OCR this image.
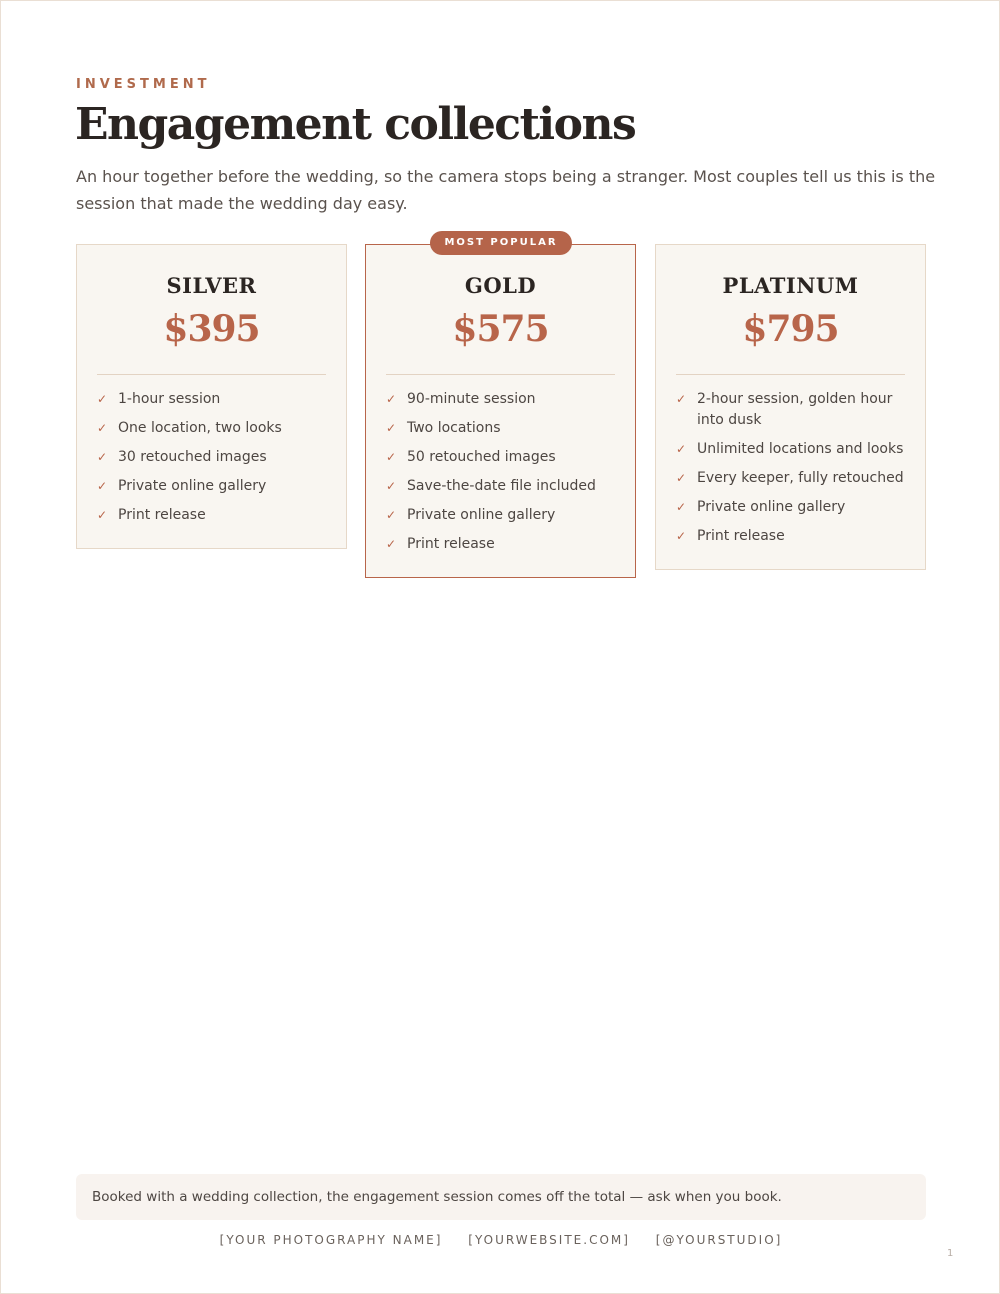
INVESTMENT
Engagement collections

An hour together before the wedding, so the camera stops being a stranger. Most couples tell us this is the session that made the wedding day easy.

SILVER
$395
✓ 1-hour session
✓ One location, two looks
✓ 30 retouched images
✓ Private online gallery
✓ Print release
MOST POPULAR
GOLD
$575
✓ 90-minute session
✓ Two locations
✓ 50 retouched images
✓ Save-the-date file included
✓ Private online gallery
✓ Print release
PLATINUM
$795
✓ 2-hour session, golden hour into dusk
✓ Unlimited locations and looks
✓ Every keeper, fully retouched
✓ Private online gallery
✓ Print release
Booked with a wedding collection, the engagement session comes off the total — ask when you book.
[YOUR PHOTOGRAPHY NAME] [YOURWEBSITE.COM] [@YOURSTUDIO]
1
